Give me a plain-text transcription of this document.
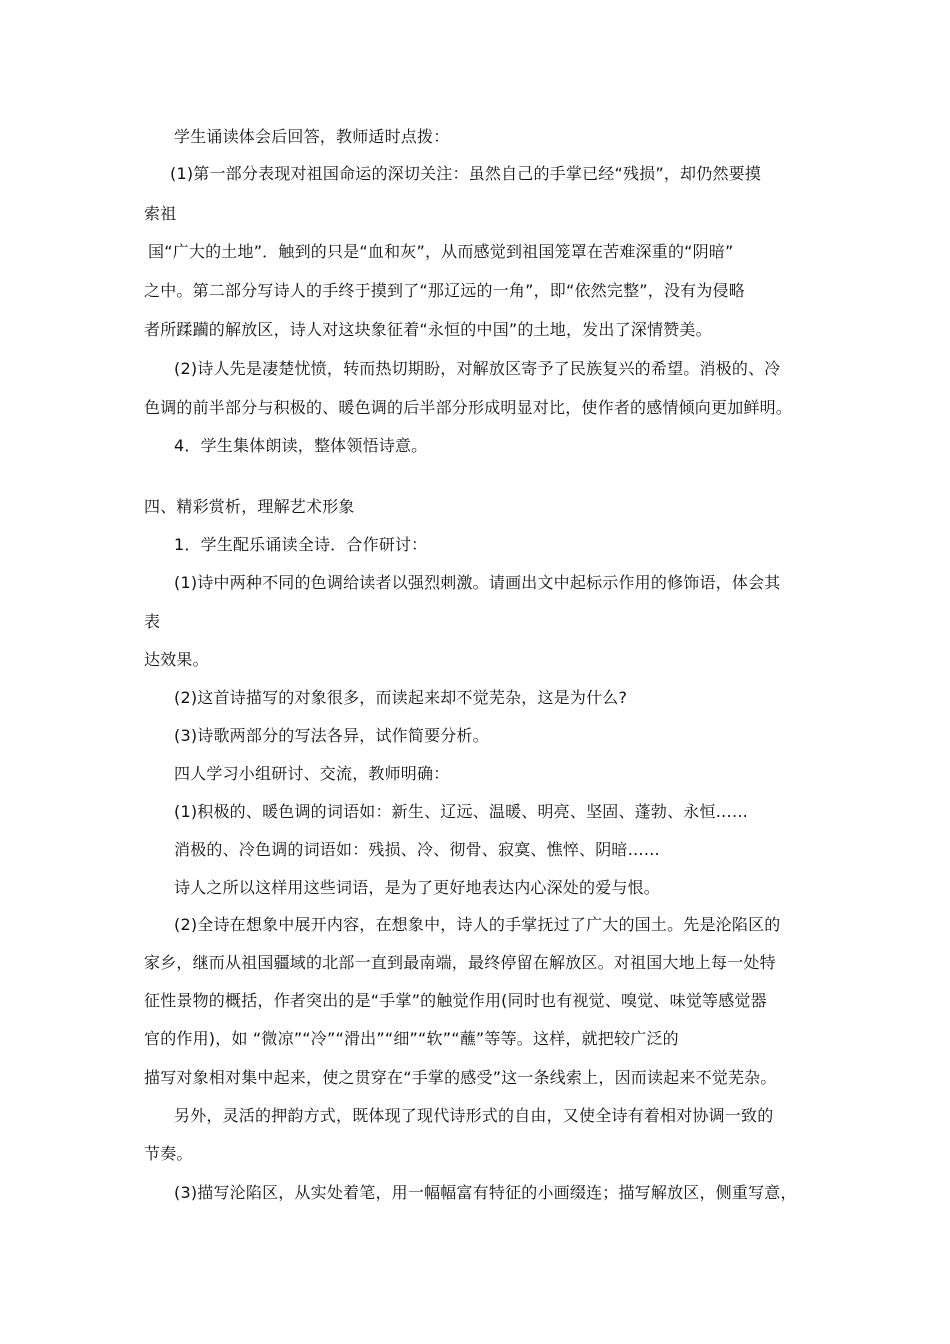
学生诵读体会后回答，教师适时点拨：
(1)第一部分表现对祖国命运的深切关注：虽然自己的手掌已经“残损”，却仍然要摸
索祖
国“广大的土地”．触到的只是“血和灰”，从而感觉到祖国笼罩在苦难深重的“阴暗”
之中。第二部分写诗人的手终于摸到了“那辽远的一角”，即“依然完整”，没有为侵略
者所蹂躏的解放区，诗人对这块象征着“永恒的中国”的土地，发出了深情赞美。
(2)诗人先是凄楚忧愤，转而热切期盼，对解放区寄予了民族复兴的希望。消极的、冷
色调的前半部分与积极的、暖色调的后半部分形成明显对比，使作者的感情倾向更加鲜明。
4．学生集体朗读，整体领悟诗意。
四、精彩赏析，理解艺术形象
1．学生配乐诵读全诗．合作研讨：
(1)诗中两种不同的色调给读者以强烈刺激。请画出文中起标示作用的修饰语，体会其
表
达效果。
(2)这首诗描写的对象很多，而读起来却不觉芜杂，这是为什么?
(3)诗歌两部分的写法各异，试作简要分析。
四人学习小组研讨、交流，教师明确：
(1)积极的、暖色调的词语如：新生、辽远、温暖、明亮、坚固、蓬勃、永恒……
消极的、冷色调的词语如：残损、冷、彻骨、寂寞、憔悴、阴暗……
诗人之所以这样用这些词语，是为了更好地表达内心深处的爱与恨。
(2)全诗在想象中展开内容，在想象中，诗人的手掌抚过了广大的国土。先是沦陷区的
家乡，继而从祖国疆域的北部一直到最南端，最终停留在解放区。对祖国大地上每一处特
征性景物的概括，作者突出的是“手掌”的触觉作用(同时也有视觉、嗅觉、味觉等感觉器
官的作用)，如 “微凉”“冷”“滑出”“细”“软”“蘸”等等。这样，就把较广泛的
描写对象相对集中起来，使之贯穿在“手掌的感受”这一条线索上，因而读起来不觉芜杂。
另外，灵活的押韵方式，既体现了现代诗形式的自由，又使全诗有着相对协调一致的
节奏。
(3)描写沦陷区，从实处着笔，用一幅幅富有特征的小画缀连；描写解放区，侧重写意，
